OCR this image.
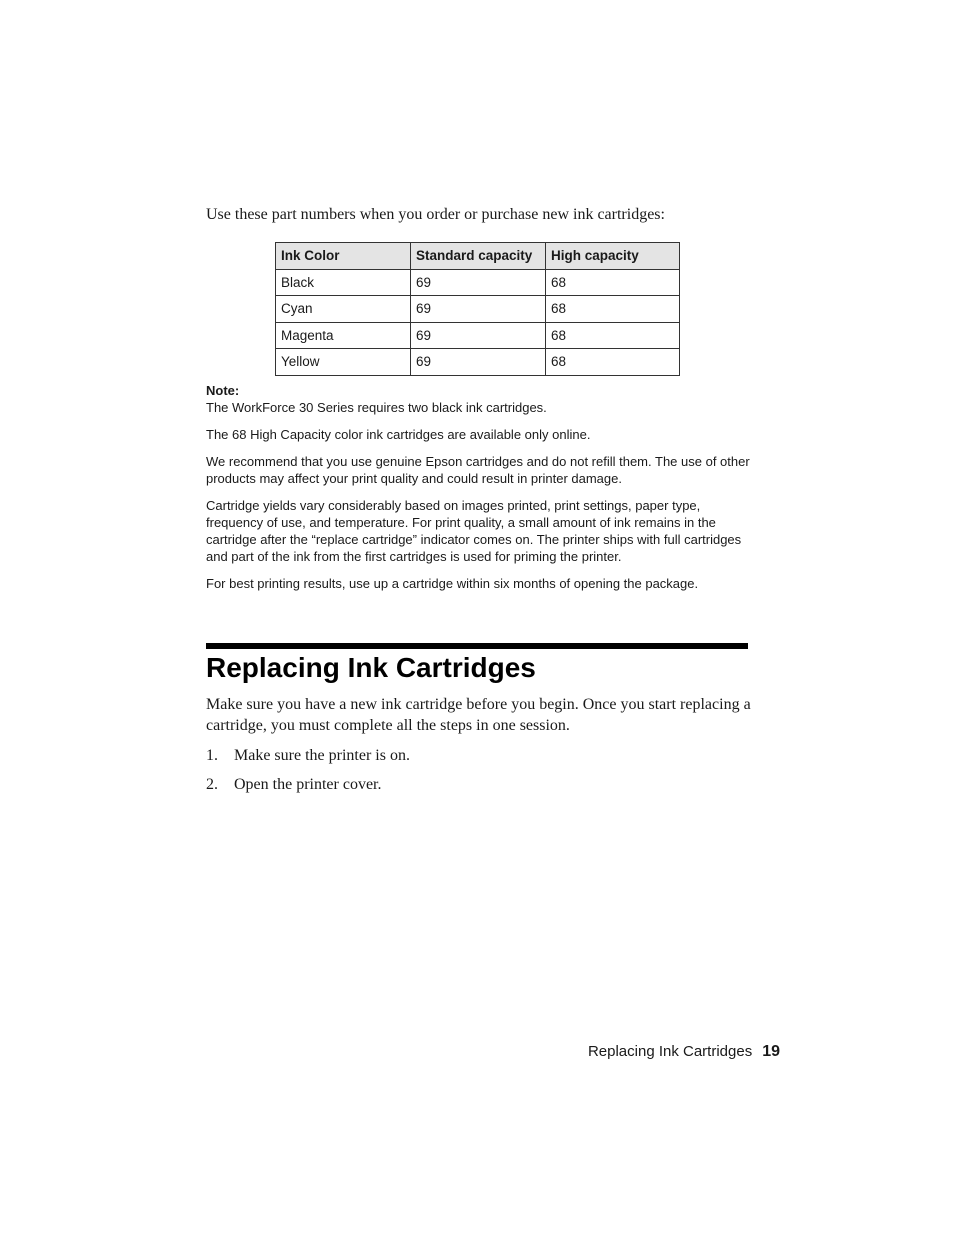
Use these part numbers when you order or purchase new ink cartridges:

Ink Color	Standard capacity	High capacity
Black	69	68
Cyan	69	68
Magenta	69	68
Yellow	69	68

Note:

The WorkForce 30 Series requires two black ink cartridges.

The 68 High Capacity color ink cartridges are available only online.

We recommend that you use genuine Epson cartridges and do not refill them. The use of other products may affect your print quality and could result in printer damage.

Cartridge yields vary considerably based on images printed, print settings, paper type, frequency of use, and temperature. For print quality, a small amount of ink remains in the cartridge after the “replace cartridge” indicator comes on. The printer ships with full cartridges and part of the ink from the first cartridges is used for priming the printer.

For best printing results, use up a cartridge within six months of opening the package.

Replacing Ink Cartridges

Make sure you have a new ink cartridge before you begin. Once you start replacing a cartridge, you must complete all the steps in one session.

1. Make sure the printer is on.

2. Open the printer cover.

Replacing Ink Cartridges 19
